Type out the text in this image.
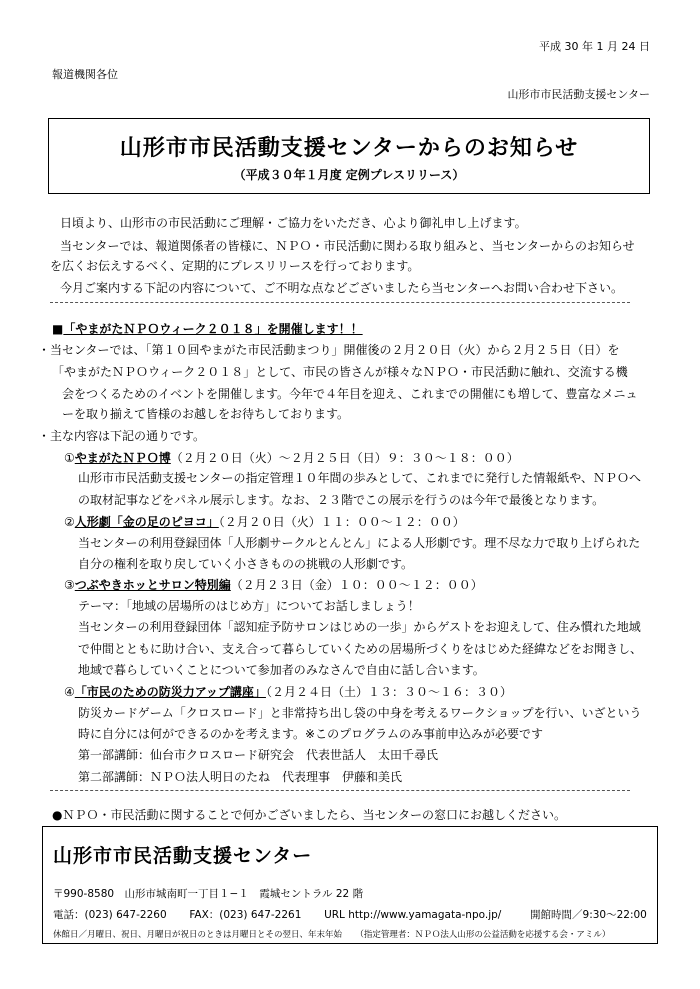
平成 30 年 1 月 24 日
報道機関各位
山形市市民活動支援センター
山形市市民活動支援センターからのお知らせ
（平成３０年１月度 定例プレスリリース）
日頃より、山形市の市民活動にご理解・ご協力をいただき、心より御礼申し上げます。
当センターでは、報道関係者の皆様に、ＮＰＯ・市民活動に関わる取り組みと、当センターからのお知らせ
を広くお伝えするべく、定期的にプレスリリースを行っております。
今月ご案内する下記の内容について、ご不明な点などございましたら当センターへお問い合わせ下さい。
■「やまがたＮＰＯウィーク２０１８」を開催します！！
・当センターでは、「第１０回やまがた市民活動まつり」開催後の２月２０日（火）から２月２５日（日）を
「やまがたＮＰＯウィーク２０１８」として、市民の皆さんが様々なＮＰＯ・市民活動に触れ、交流する機
会をつくるためのイベントを開催します。今年で４年目を迎え、これまでの開催にも増して、豊富なメニュ
ーを取り揃えて皆様のお越しをお待ちしております。
・主な内容は下記の通りです。
①やまがたＮＰＯ博（２月２０日（火）～２月２５日（日）９：３０～１８：００）
山形市市民活動支援センターの指定管理１０年間の歩みとして、これまでに発行した情報紙や、ＮＰＯへ
の取材記事などをパネル展示します。なお、２３階でこの展示を行うのは今年で最後となります。
②人形劇「金の足のピヨコ」（２月２０日（火）１１：００～１２：００）
当センターの利用登録団体「人形劇サークルとんとん」による人形劇です。理不尽な力で取り上げられた
自分の権利を取り戻していく小さきものの挑戦の人形劇です。
③つぶやきホッとサロン特別編（２月２３日（金）１０：００～１２：００）
テーマ：「地域の居場所のはじめ方」についてお話しましょう！
当センターの利用登録団体「認知症予防サロンはじめの一歩」からゲストをお迎えして、住み慣れた地域
で仲間とともに助け合い、支え合って暮らしていくための居場所づくりをはじめた経緯などをお聞きし、
地域で暮らしていくことについて参加者のみなさんで自由に話し合います。
④「市民のための防災力アップ講座」（２月２４日（土）１３：３０～１６：３０）
防災カードゲーム「クロスロード」と非常持ち出し袋の中身を考えるワークショップを行い、いざという
時に自分には何ができるのかを考えます。※このプログラムのみ事前申込みが必要です
第一部講師：仙台市クロスロード研究会　代表世話人　太田千尋氏
第二部講師：ＮＰＯ法人明日のたね　代表理事　伊藤和美氏
●ＮＰＯ・市民活動に関することで何かございましたら、当センターの窓口にお越しください。
山形市市民活動支援センター
〒990-8580　山形市城南町一丁目１−１　霞城セントラル 22 階
電話：(023) 647-2260 FAX：(023) 647-2261 URL http://www.yamagata-npo.jp/	開館時間／9:30～22:00
休館日／月曜日、祝日、月曜日が祝日のときは月曜日とその翌日、年末年始 （指定管理者：ＮＰＯ法人山形の公益活動を応援する会・アミル）
